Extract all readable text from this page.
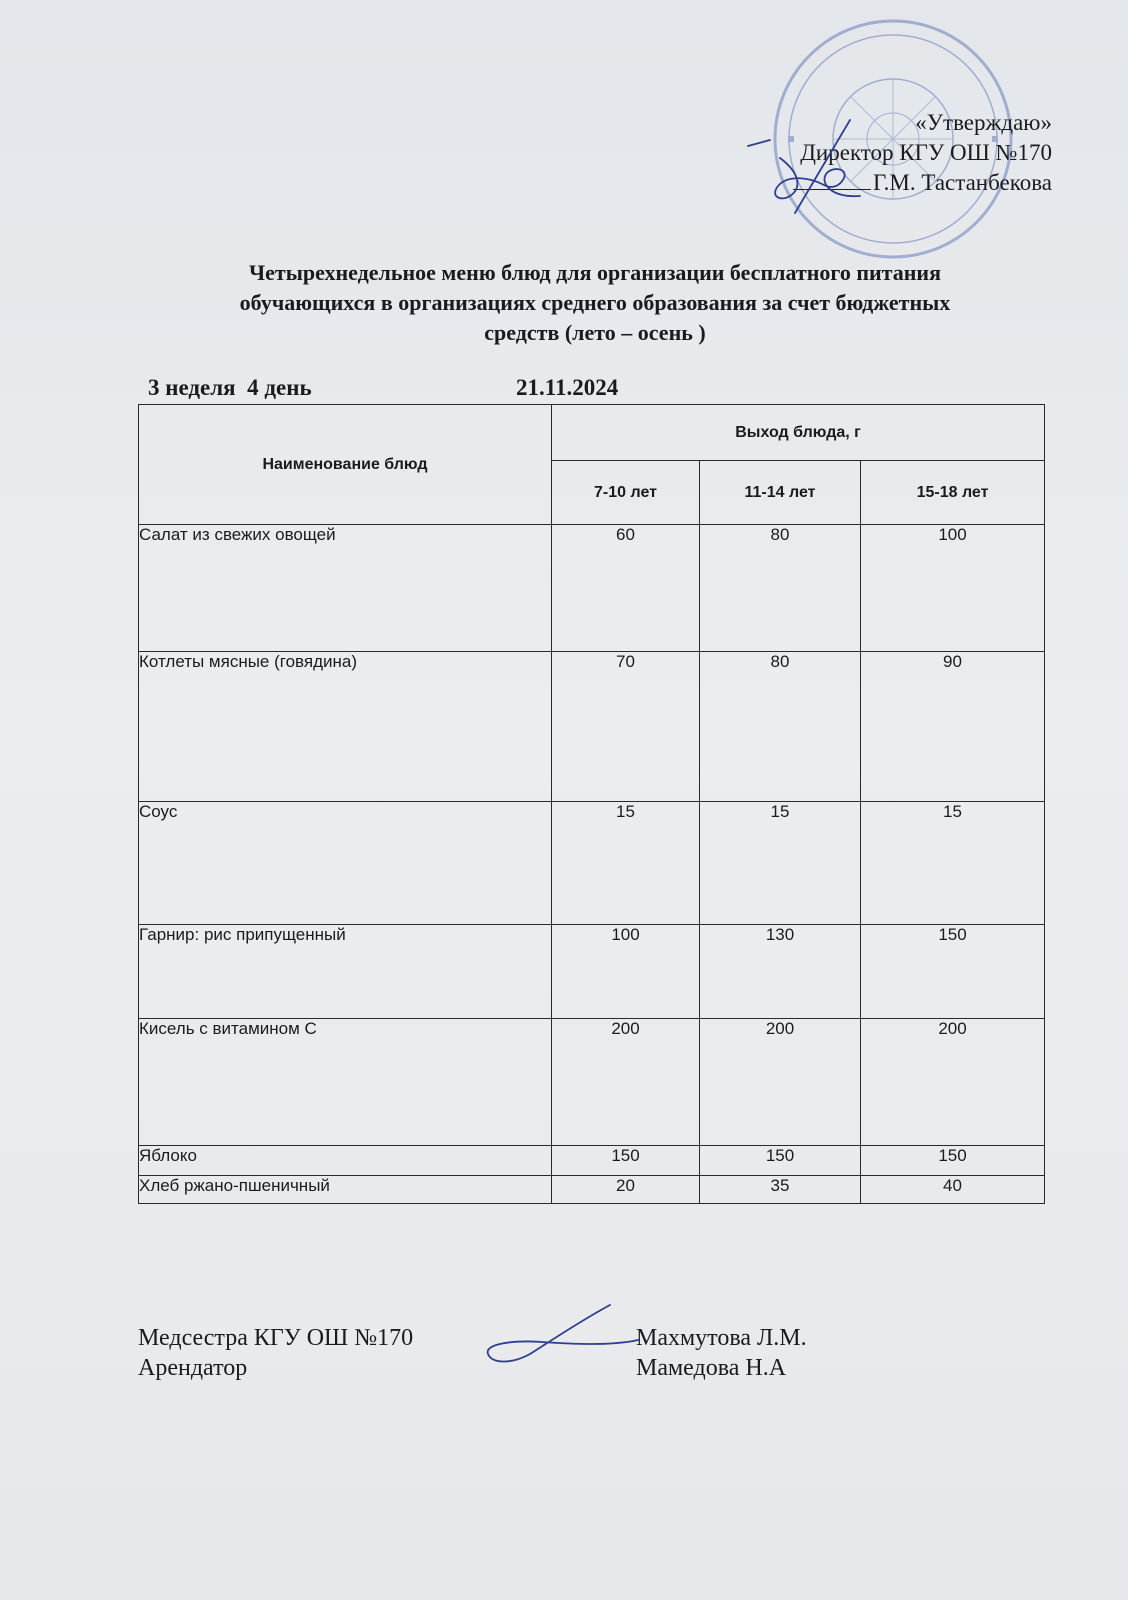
«Утверждаю»
Директор КГУ ОШ №170
Г.М. Тастанбекова
Четырехнедельное меню блюд для организации бесплатного питания
обучающихся в организациях среднего образования за счет бюджетных
средств (лето – осень )
3 неделя  4 день	21.11.2024
Наименование блюд	Выход блюда, г		
	7-10 лет	11-14 лет	15-18 лет
Салат из свежих овощей	60	80	100
Котлеты мясные (говядина)	70	80	90
Соус	15	15	15
Гарнир: рис припущенный	100	130	150
Кисель с витамином С	200	200	200
Яблоко	150	150	150
Хлеб ржано-пшеничный	20	35	40
Медсестра КГУ ОШ №170
Арендатор
Махмутова Л.М.
Мамедова Н.А
